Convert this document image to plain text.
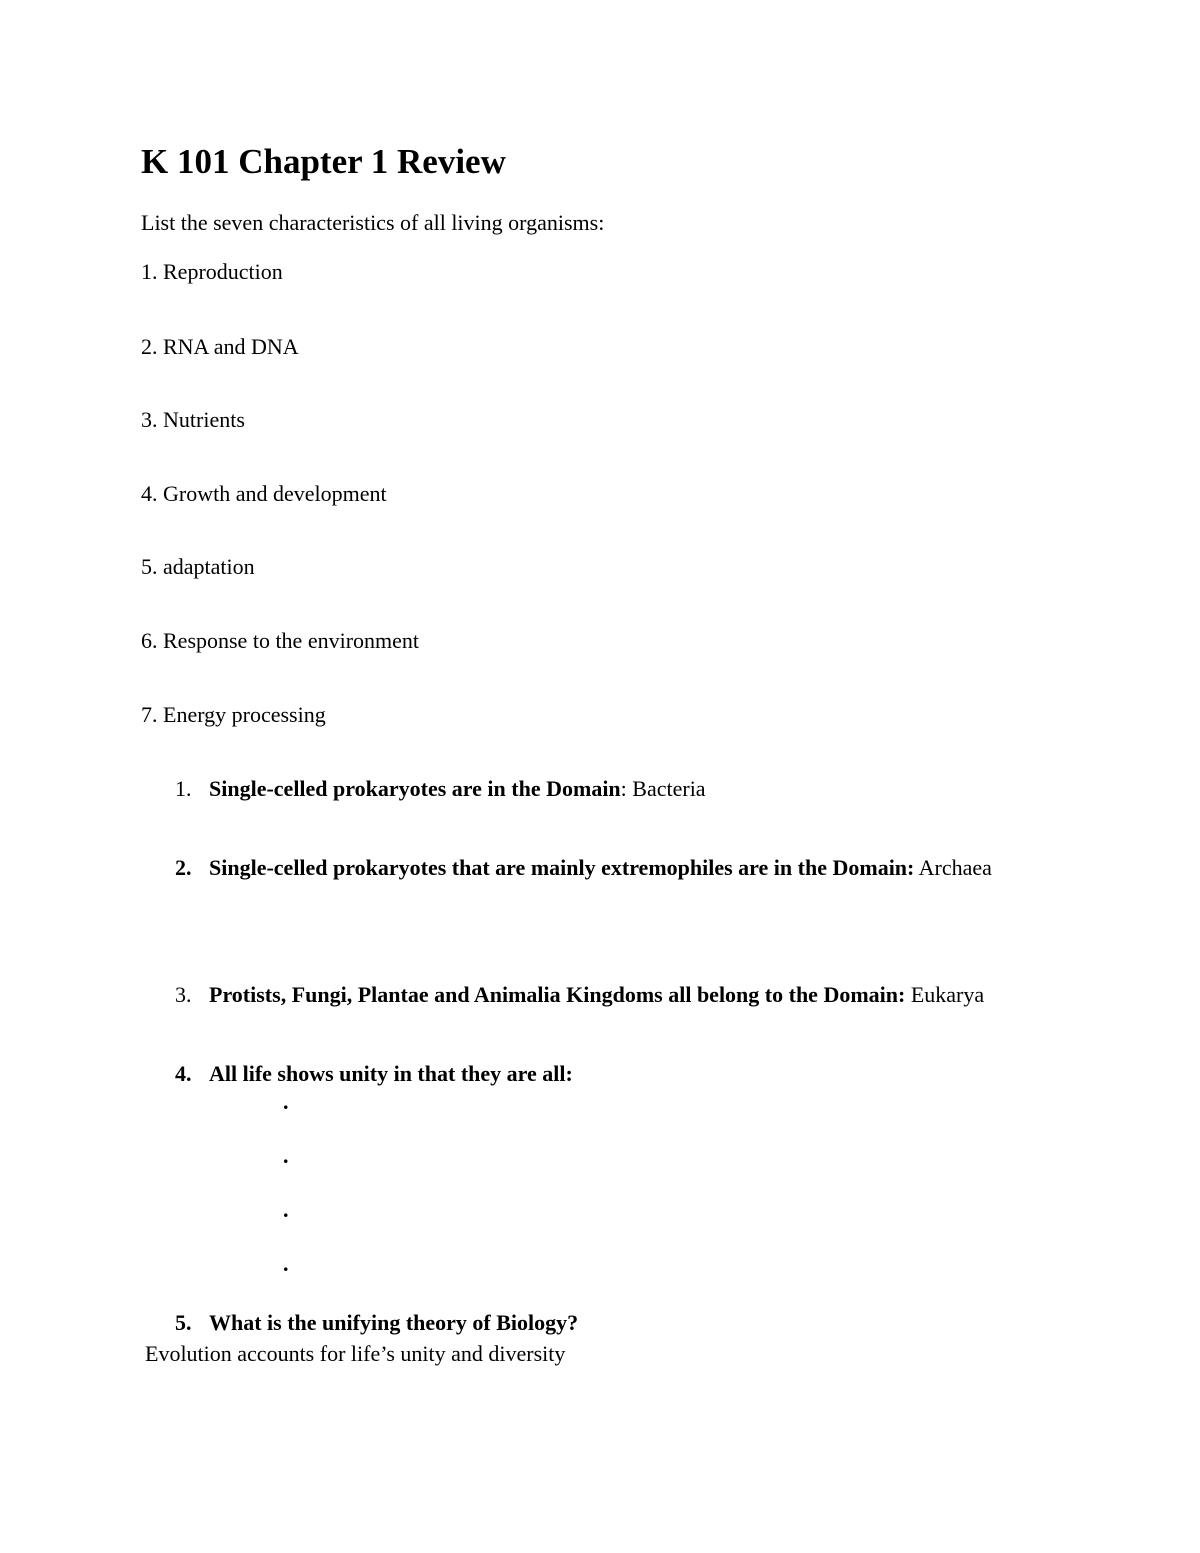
K 101 Chapter 1 Review
List the seven characteristics of all living organisms:
1. Reproduction
2. RNA and DNA
3. Nutrients
4. Growth and development
5. adaptation
6. Response to the environment
7. Energy processing
1. Single-celled prokaryotes are in the Domain: Bacteria
2. Single-celled prokaryotes that are mainly extremophiles are in the Domain: Archaea
3. Protists, Fungi, Plantae and Animalia Kingdoms all belong to the Domain: Eukarya
4. All life shows unity in that they are all:
.
.
.
.
5. What is the unifying theory of Biology?
Evolution accounts for life’s unity and diversity
